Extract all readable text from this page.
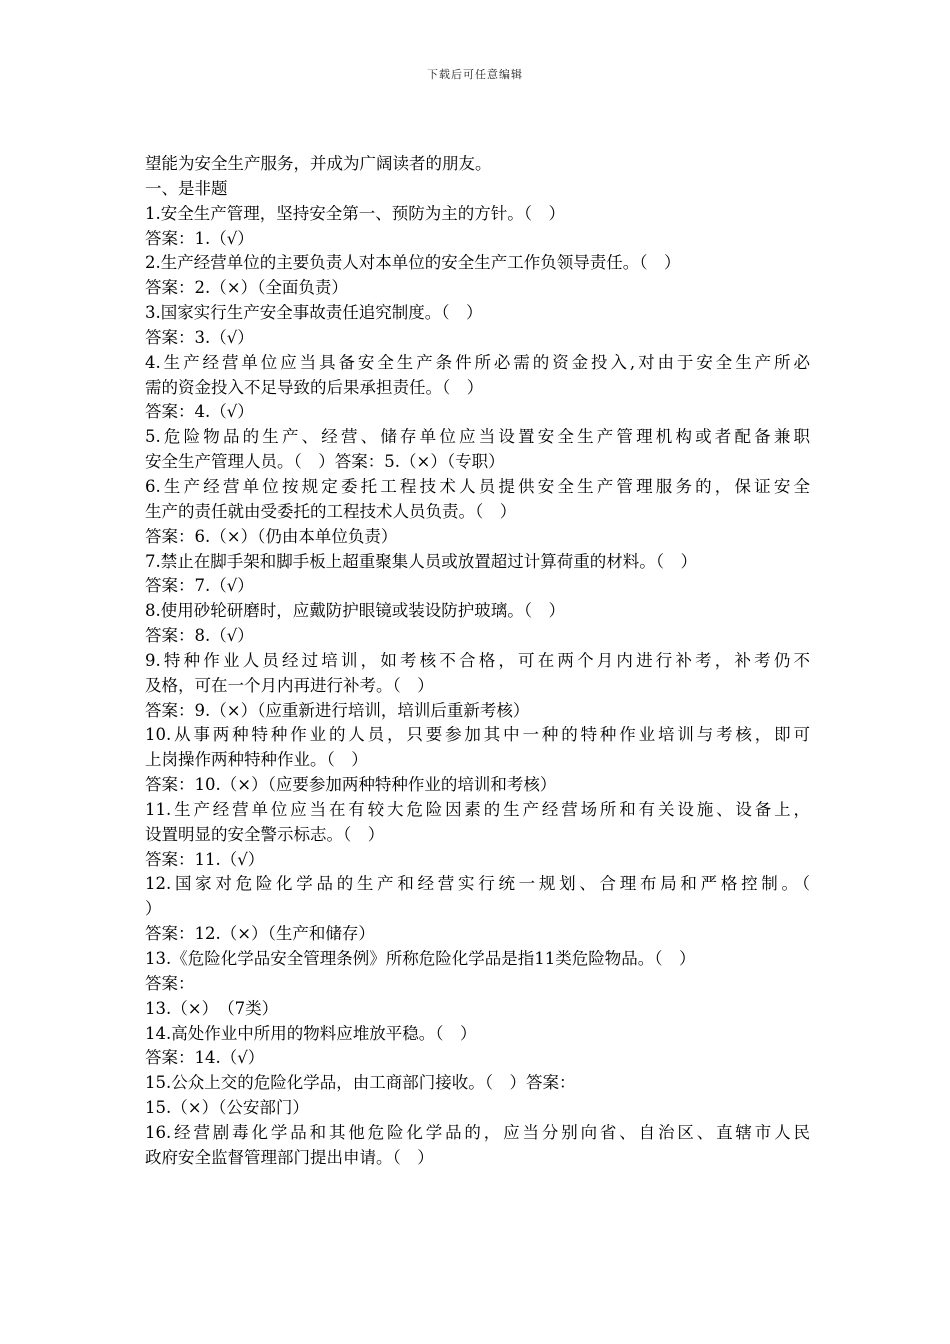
下载后可任意编辑
望能为安全生产服务，并成为广阔读者的朋友。
一、是非题
1.安全生产管理，坚持安全第一、预防为主的方针。（　）
答案：1.（√）
2.生产经营单位的主要负责人对本单位的安全生产工作负领导责任。（　）
答案：2.（×）（全面负责）
3.国家实行生产安全事故责任追究制度。（　）
答案：3.（√）
4.生产经营单位应当具备安全生产条件所必需的资金投入,对由于安全生产所必
需的资金投入不足导致的后果承担责任。（　）
答案：4.（√）
5.危险物品的生产、经营、储存单位应当设置安全生产管理机构或者配备兼职
安全生产管理人员。（　）答案：5.（×）（专职）
6.生产经营单位按规定委托工程技术人员提供安全生产管理服务的，保证安全
生产的责任就由受委托的工程技术人员负责。（　）
答案：6.（×）（仍由本单位负责）
7.禁止在脚手架和脚手板上超重聚集人员或放置超过计算荷重的材料。（　）
答案：7.（√）
8.使用砂轮研磨时，应戴防护眼镜或装设防护玻璃。（　）
答案：8.（√）
9.特种作业人员经过培训，如考核不合格，可在两个月内进行补考，补考仍不
及格，可在一个月内再进行补考。（　）
答案：9.（×）（应重新进行培训，培训后重新考核）
10.从事两种特种作业的人员，只要参加其中一种的特种作业培训与考核，即可
上岗操作两种特种作业。（　）
答案：10.（×）（应要参加两种特种作业的培训和考核）
11.生产经营单位应当在有较大危险因素的生产经营场所和有关设施、设备上，
设置明显的安全警示标志。（　）
答案：11.（√）
12.国家对危险化学品的生产和经营实行统一规划、合理布局和严格控制。（
）
答案：12.（×）（生产和储存）
13.《危险化学品安全管理条例》所称危险化学品是指11类危险物品。（　）
答案：
13.（×）　（7类）
14.高处作业中所用的物料应堆放平稳。（　）
答案：14.（√）
15.公众上交的危险化学品，由工商部门接收。（　）答案：
15.（×）（公安部门）
16.经营剧毒化学品和其他危险化学品的，应当分别向省、自治区、直辖市人民
政府安全监督管理部门提出申请。（　）
